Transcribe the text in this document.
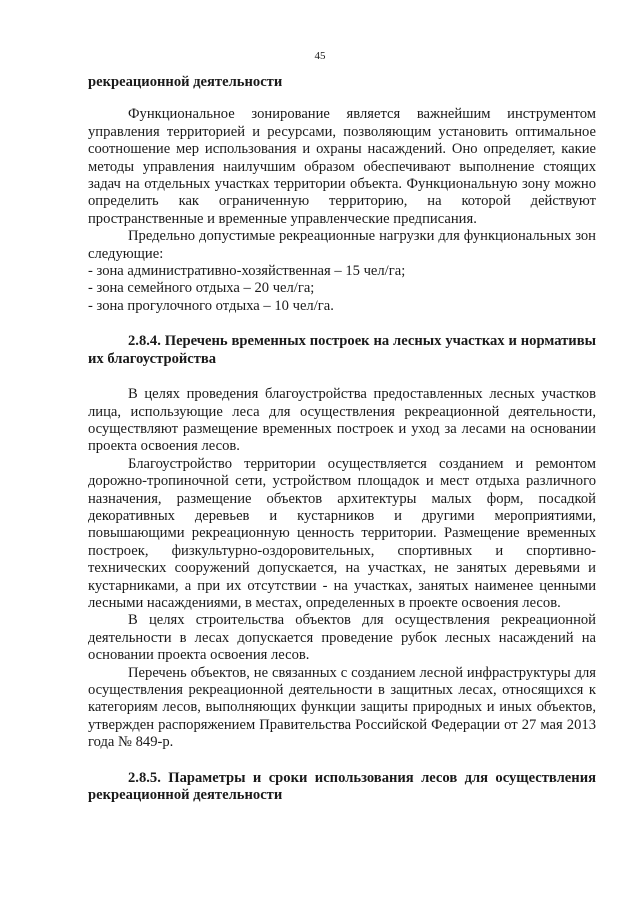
45

рекреационной деятельности

Функциональное зонирование является важнейшим инструментом управления территорией и ресурсами, позволяющим установить оптимальное соотношение мер использования и охраны насаждений. Оно определяет, какие методы управления наилучшим образом обеспечивают выполнение стоящих задач на отдельных участках территории объекта. Функциональную зону можно определить как ограниченную территорию, на которой действуют пространственные и временные управленческие предписания.

Предельно допустимые рекреационные нагрузки для функциональных зон следующие:

- зона административно-хозяйственная – 15 чел/га;

- зона семейного отдыха – 20 чел/га;

- зона прогулочного отдыха – 10 чел/га.

2.8.4. Перечень временных построек на лесных участках и нормативы их благоустройства

В целях проведения благоустройства предоставленных лесных участков лица, использующие леса для осуществления рекреационной деятельности, осуществляют размещение временных построек и уход за лесами на основании проекта освоения лесов.

Благоустройство территории осуществляется созданием и ремонтом дорожно-тропиночной сети, устройством площадок и мест отдыха различного назначения, размещение объектов архитектуры малых форм, посадкой декоративных деревьев и кустарников и другими мероприятиями, повышающими рекреационную ценность территории. Размещение временных построек, физкультурно-оздоровительных, спортивных и спортивно-технических сооружений допускается, на участках, не занятых деревьями и кустарниками, а при их отсутствии - на участках, занятых наименее ценными лесными насаждениями, в местах, определенных в проекте освоения лесов.

В целях строительства объектов для осуществления рекреационной деятельности в лесах допускается проведение рубок лесных насаждений на основании проекта освоения лесов.

Перечень объектов, не связанных с созданием лесной инфраструктуры для осуществления рекреационной деятельности в защитных лесах, относящихся к категориям лесов, выполняющих функции защиты природных и иных объектов, утвержден распоряжением Правительства Российской Федерации от 27 мая 2013 года № 849-р.

2.8.5. Параметры и сроки использования лесов для осуществления рекреационной деятельности
